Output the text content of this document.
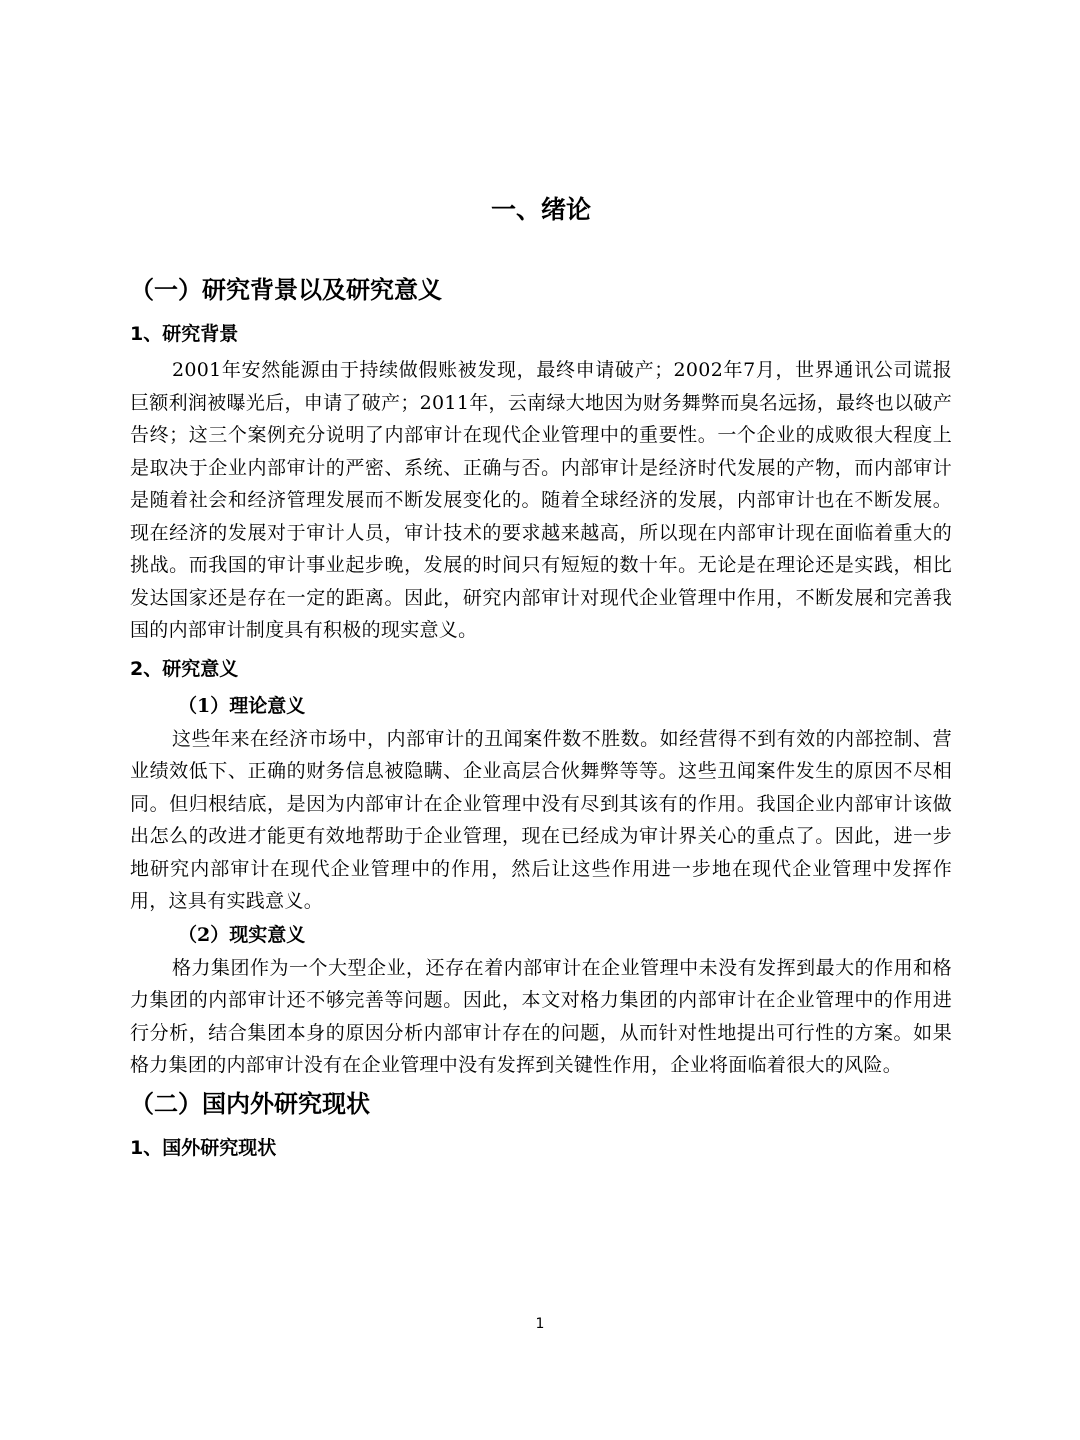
一、绪论
（一）研究背景以及研究意义
1、研究背景

2001年安然能源由于持续做假账被发现，最终申请破产；2002年7月，世界通讯公司谎报巨额利润被曝光后，申请了破产；2011年，云南绿大地因为财务舞弊而臭名远扬，最终也以破产告终；这三个案例充分说明了内部审计在现代企业管理中的重要性。一个企业的成败很大程度上是取决于企业内部审计的严密、系统、正确与否。内部审计是经济时代发展的产物，而内部审计是随着社会和经济管理发展而不断发展变化的。随着全球经济的发展，内部审计也在不断发展。现在经济的发展对于审计人员，审计技术的要求越来越高，所以现在内部审计现在面临着重大的挑战。而我国的审计事业起步晚，发展的时间只有短短的数十年。无论是在理论还是实践，相比发达国家还是存在一定的距离。因此，研究内部审计对现代企业管理中作用，不断发展和完善我国的内部审计制度具有积极的现实意义。

2、研究意义
（1）理论意义

这些年来在经济市场中，内部审计的丑闻案件数不胜数。如经营得不到有效的内部控制、营业绩效低下、正确的财务信息被隐瞒、企业高层合伙舞弊等等。这些丑闻案件发生的原因不尽相同。但归根结底，是因为内部审计在企业管理中没有尽到其该有的作用。我国企业内部审计该做出怎么的改进才能更有效地帮助于企业管理，现在已经成为审计界关心的重点了。因此，进一步地研究内部审计在现代企业管理中的作用，然后让这些作用进一步地在现代企业管理中发挥作用，这具有实践意义。

（2）现实意义

格力集团作为一个大型企业，还存在着内部审计在企业管理中未没有发挥到最大的作用和格力集团的内部审计还不够完善等问题。因此，本文对格力集团的内部审计在企业管理中的作用进行分析，结合集团本身的原因分析内部审计存在的问题，从而针对性地提出可行性的方案。如果格力集团的内部审计没有在企业管理中没有发挥到关键性作用，企业将面临着很大的风险。

（二）国内外研究现状
1、国外研究现状
1
